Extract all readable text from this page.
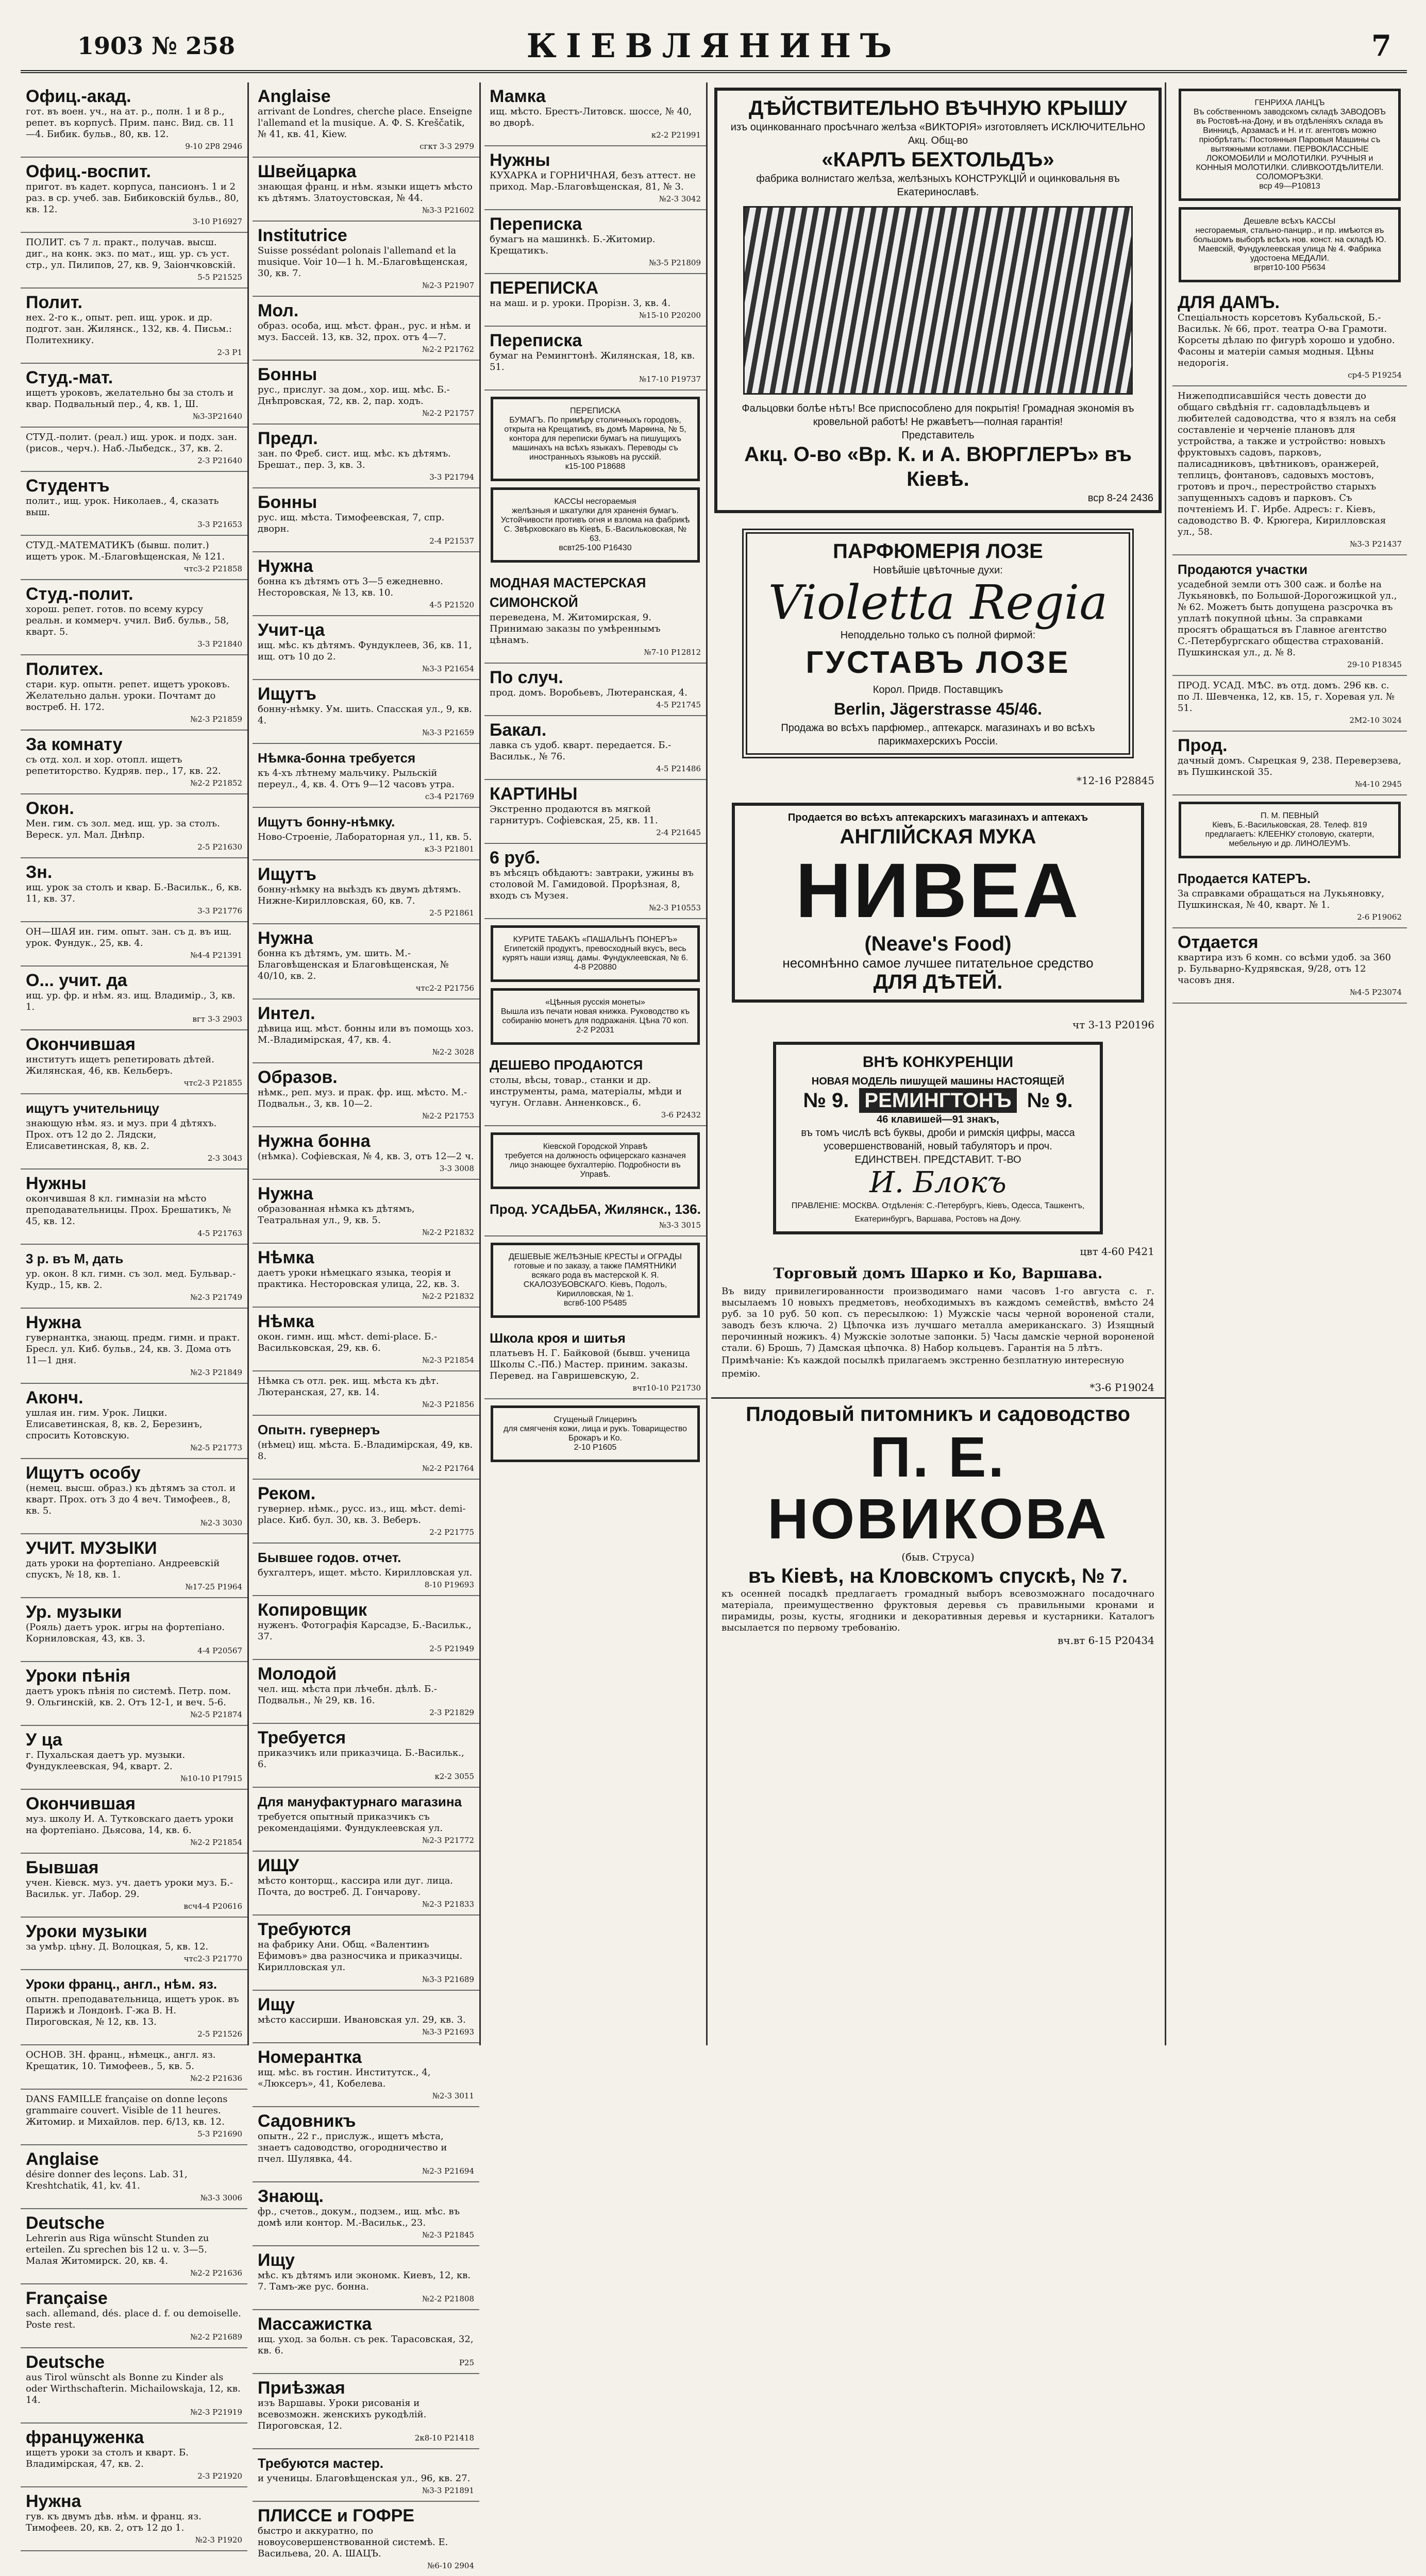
1903 № 258	КІЕВЛЯНИНЪ	7
Офиц.-акад.
гот. въ воен. уч., на ат. р., полн. 1 и 8 р., репет. въ корпусѣ. Прим. панс. Вид. св. 11—4. Бибик. бульв., 80, кв. 12.
9-10 2Р8 2946
Офиц.-воспит.
пригот. въ кадет. корпуса, пансионъ. 1 и 2 раз. в ср. учеб. зав. Бибиковскій бульв., 80, кв. 12.
3-10 Р16927
ПОЛИТ. съ 7 л. практ., получав. высш. диг., на конк. экз. по мат., ищ. ур. съ уст. стр., ул. Пилипов, 27, кв. 9, Заіончковскій.
5-5 Р21525
Полит.
нех. 2-го к., опыт. реп. ищ. урок. и др. подгот. зан. Жилянск., 132, кв. 4. Письм.: Политехнику.
2-3 Р1
Студ.-мат.
ищетъ уроковъ, желательно бы за столъ и квар. Подвальный пер., 4, кв. 1, Ш.
№3-3Р21640
СТУД.-полит. (реал.) ищ. урок. и подх. зан. (рисов., черч.). Наб.-Лыбедск., 37, кв. 2.
2-3 Р21640
Студентъ
полит., ищ. урок. Николаев., 4, сказать выш.
3-3 Р21653
СТУД.-МАТЕМАТИКЪ (бывш. полит.) ищетъ урок. М.-Благовѣщенская, № 121.
чтс3-2 Р21858
Студ.-полит.
хорош. репет. готов. по всему курсу реальн. и коммерч. учил. Виб. бульв., 58, кварт. 5.
3-3 Р21840
Политех.
стари. кур. опытн. репет. ищетъ уроковъ. Желательно дальн. уроки. Почтамт до востреб. Н. 172.
№2-3 Р21859
За комнату
съ отд. хол. и хор. отопл. ищетъ репетиторство. Кудряв. пер., 17, кв. 22.
№2-2 Р21852
Окон.
Мен. гим. съ зол. мед. ищ. ур. за столъ. Вереск. ул. Мал. Днѣпр.
2-5 Р21630
Зн.
ищ. урок за столъ и квар. Б.-Васильк., 6, кв. 11, кв. 37.
3-3 Р21776
ОН—ШАЯ ин. гим. опыт. зан. съ д. въ ищ. урок. Фундук., 25, кв. 4.
№4-4 Р21391
О... учит. да
ищ. ур. фр. и нѣм. яз. ищ. Владимір., 3, кв. 1.
вгт 3-3 2903
Окончившая
институтъ ищетъ репетировать дѣтей. Жилянская, 46, кв. Кельберъ.
чтс2-3 Р21855
ищутъ учительницу
знающую нѣм. яз. и муз. при 4 дѣтяхъ. Прох. отъ 12 до 2. Лядски, Елисаветинская, 8, кв. 2.
2-3 3043
Нужны
окончившая 8 кл. гимназіи на мѣсто преподавательницы. Прох. Брешатикъ, № 45, кв. 12.
4-5 Р21763
3 р. въ М, дать
ур. окон. 8 кл. гимн. съ зол. мед. Бульвар.-Кудр., 15, кв. 2.
№2-3 Р21749
Нужна
гувернантка, знающ. предм. гимн. и практ. Бресл. ул. Киб. бульв., 24, кв. 3. Дома отъ 11—1 дня.
№2-3 Р21849
Аконч.
ушлая ин. гим. Урок. Лицки. Елисаветинская, 8, кв. 2, Березинъ, спросить Котовскую.
№2-5 Р21773
Ищутъ особу
(немец. высш. образ.) къ дѣтямъ за стол. и кварт. Прох. отъ 3 до 4 веч. Тимофеев., 8, кв. 5.
№2-3 3030
УЧИТ. МУЗЫКИ
дать уроки на фортепіано. Андреевскій спускъ, № 18, кв. 1.
№17-25 Р1964
Ур. музыки
(Рояль) даетъ урок. игры на фортепіано. Корниловская, 43, кв. 3.
4-4 Р20567
Уроки пѣнія
даетъ урокъ пѣнія по системѣ. Петр. пом. 9. Ольгинскій, кв. 2. Отъ 12-1, и веч. 5-6.
№2-5 Р21874
У ца
г. Пухальская даетъ ур. музыки. Фундуклеевская, 94, кварт. 2.
№10-10 Р17915
Окончившая
муз. школу И. А. Тутковскаго даетъ уроки на фортепіано. Дьясова, 14, кв. 6.
№2-2 Р21854
Бывшая
учен. Кіевск. муз. уч. даетъ уроки муз. Б.-Васильк. уг. Лабор. 29.
всч4-4 Р20616
Уроки музыки
за умѣр. цѣну. Д. Волоцкая, 5, кв. 12.
чтс2-3 Р21770
Уроки франц., англ., нѣм. яз.
опытн. преподавательница, ищетъ урок. въ Парижѣ и Лондонѣ. Г-жа В. Н. Пироговская, № 12, кв. 13.
2-5 Р21526
ОСНОВ. ЗН. франц., нѣмецк., англ. яз. Крещатик, 10. Тимофеев., 5, кв. 5.
№2-2 Р21636
DANS FAMILLE française on donne leçons grammaire couvert. Visible de 11 heures. Житомир. и Михайлов. пер. 6/13, кв. 12.
5-3 Р21690
Anglaise
désire donner des leçons. Lab. 31, Kreshtchatik, 41, kv. 41.
№3-3 3006
Deutsche
Lehrerin aus Riga wünscht Stunden zu erteilen. Zu sprechen bis 12 u. v. 3—5. Малая Житомирск. 20, кв. 4.
№2-2 Р21636
Française
sach. allemand, dés. place d. f. ou demoiselle. Poste rest.
№2-2 Р21689
Deutsche
aus Tirol wünscht als Bonne zu Kinder als oder Wirthschafterin. Michailowskaja, 12, кв. 14.
№2-3 Р21919
француженка
ищетъ уроки за столъ и кварт. Б. Владимірская, 47, кв. 2.
2-3 Р21920
Нужна
гув. къ двумъ дѣв. нѣм. и франц. яз. Тимофеев. 20, кв. 2, отъ 12 до 1.
№2-3 Р1920
Anglaise
arrivant de Londres, cherche place. Enseigne l'allemand et la musique. А. Ф. S. Kreščatik, № 41, кв. 41, Kiew.
сгкт 3-3 2979
Швейцарка
знающая франц. и нѣм. языки ищетъ мѣсто къ дѣтямъ. Златоустовская, № 44.
№3-3 Р21602
Institutrice
Suisse possédant polonais l'allemand et la musique. Voir 10—1 h. М.-Благовѣщенская, 30, кв. 7.
№2-3 Р21907
Мол.
образ. особа, ищ. мѣст. фран., рус. и нѣм. и муз. Бассей. 13, кв. 32, прох. отъ 4—7.
№2-2 Р21762
Бонны
рус., прислуг. за дом., хор. ищ. мѣс. Б.-Днѣпровская, 72, кв. 2, пар. ходъ.
№2-2 Р21757
Предл.
зан. по Фреб. сист. ищ. мѣс. къ дѣтямъ. Брешат., пер. 3, кв. 3.
3-3 Р21794
Бонны
рус. ищ. мѣста. Тимофеевская, 7, спр. дворн.
2-4 Р21537
Нужна
бонна къ дѣтямъ отъ 3—5 ежедневно. Несторовская, № 13, кв. 10.
4-5 Р21520
Учит-ца
ищ. мѣс. къ дѣтямъ. Фундуклеев, 36, кв. 11, ищ. отъ 10 до 2.
№3-3 Р21654
Ищутъ
бонну-нѣмку. Ум. шить. Спасская ул., 9, кв. 4.
№3-3 Р21659
Нѣмка-бонна требуется
къ 4-хъ лѣтнему мальчику. Рыльскій переул., 4, кв. 4. Отъ 9—12 часовъ утра.
с3-4 Р21769
Ищутъ бонну-нѣмку.
Ново-Строеніе, Лабораторная ул., 11, кв. 5.
к3-3 Р21801
Ищутъ
бонну-нѣмку на выѣздъ къ двумъ дѣтямъ. Нижне-Кирилловская, 60, кв. 7.
2-5 Р21861
Нужна
бонна къ дѣтямъ, ум. шить. М.-Благовѣщенская и Благовѣщенская, № 40/10, кв. 2.
чтс2-2 Р21756
Интел.
дѣвица ищ. мѣст. бонны или въ помощь хоз. М.-Владимірская, 47, кв. 4.
№2-2 3028
Образов.
нѣмк., реп. муз. и прак. фр. ищ. мѣсто. М.-Подвальн., 3, кв. 10—2.
№2-2 Р21753
Нужна бонна
(нѣмка). Софіевская, № 4, кв. 3, отъ 12—2 ч.
3-3 3008
Нужна
образованная нѣмка къ дѣтямъ, Театральная ул., 9, кв. 5.
№2-2 Р21832
Нѣмка
даетъ уроки нѣмецкаго языка, теорія и практика. Несторовская улица, 22, кв. 3.
№2-2 Р21832
Нѣмка
окон. гимн. ищ. мѣст. demi-place. Б.-Васильковская, 29, кв. 6.
№2-3 Р21854
Нѣмка съ отл. рек. ищ. мѣста къ дѣт. Лютеранская, 27, кв. 14.
№2-3 Р21856
Опытн. гувернеръ
(нѣмец) ищ. мѣста. Б.-Владимірская, 49, кв. 8.
№2-2 Р21764
Реком.
гувернер. нѣмк., русс. из., ищ. мѣст. demi-place. Киб. бул. 30, кв. 3. Веберъ.
2-2 Р21775
Бывшее годов. отчет.
бухгалтеръ, ищет. мѣсто. Кирилловская ул.
8-10 Р19693
Копировщик
нуженъ. Фотографія Карсадзе, Б.-Васильк., 37.
2-5 Р21949
Молодой
чел. ищ. мѣста при лѣчебн. дѣлѣ. Б.-Подвальн., № 29, кв. 16.
2-3 Р21829
Требуется
приказчикъ или приказчица. Б.-Васильк., 6.
к2-2 3055
Для мануфактурнаго магазина
требуется опытный приказчикъ съ рекомендаціями. Фундуклеевская ул.
№2-3 Р21772
ИЩУ
мѣсто конторщ., кассира или дуг. лица. Почта, до востреб. Д. Гончарову.
№2-3 Р21833
Требуются
на фабрику Ани. Общ. «Валентинъ Ефимовъ» два разносчика и приказчицы. Кирилловская ул.
№3-3 Р21689
Ищу
мѣсто кассирши. Ивановская ул. 29, кв. 3.
№3-3 Р21693
Номерантка
ищ. мѣс. въ гостин. Институтск., 4, «Люксеръ», 41, Кобелева.
№2-3 3011
Садовникъ
опытн., 22 г., прислуж., ищетъ мѣста, знаетъ садоводство, огородничество и пчел. Шулявка, 44.
№2-3 Р21694
Знающ.
фр., счетов., докум., подзем., ищ. мѣс. въ домѣ или контор. М.-Васильк., 23.
№2-3 Р21845
Ищу
мѣс. къ дѣтямъ или экономк. Киевъ, 12, кв. 7. Тамъ-же рус. бонна.
№2-2 Р21808
Массажистка
ищ. уход. за больн. съ рек. Тарасовская, 32, кв. 6.
Р25
Приѣзжая
изъ Варшавы. Уроки рисованія и всевозможн. женскихъ рукодѣлій. Пироговская, 12.
2к8-10 Р21418
Требуются мастер.
и ученицы. Благовѣщенская ул., 96, кв. 27.
№3-3 Р21891
ПЛИССЕ и ГОФРЕ
быстро и аккуратно, по новоусовершенствованной системѣ. Е. Васильева, 20. А. ШАЦЪ.
№6-10 2904
Мамка
ищ. мѣсто. Брестъ-Литовск. шоссе, № 40, во дворѣ.
к2-2 Р21991
Нужны
КУХАРКА и ГОРНИЧНАЯ, безъ аттест. не приход. Мар.-Благовѣщенская, 81, № 3.
№2-3 3042
Переписка
бумагъ на машинкѣ. Б.-Житомир. Крещатикъ.
№3-5 Р21809
ПЕРЕПИСКА
на маш. и р. уроки. Прорізн. 3, кв. 4.
№15-10 Р20200
Переписка
бумаг на Ремингтонѣ. Жилянская, 18, кв. 51.
№17-10 Р19737
ПЕРЕПИСКА
БУМАГЪ. По примѣру столичныхъ городовъ, открыта на Крещатикѣ, въ домѣ Марѳина, № 5, контора для переписки бумагъ на пишущихъ машинахъ на всѣхъ языкахъ. Переводы съ иностранныхъ языковъ на русскій.
к15-100 Р18688
КАССЫ несгораемыя
желѣзныя и шкатулки для храненія бумагъ. Устойчивости противъ огня и взлома на фабрикѣ С. Звѣрховскаго въ Кіевѣ, Б.-Васильковская, № 63.
всвт25-100 Р16430
МОДНАЯ МАСТЕРСКАЯ СИМОНСКОЙ
переведена, М. Житомирская, 9. Принимаю заказы по умѣреннымъ цѣнамъ.
№7-10 Р12812
По случ.
прод. домъ. Воробьевъ, Лютеранская, 4.
4-5 Р21745
Бакал.
лавка съ удоб. кварт. передается. Б.-Васильк., № 76.
4-5 Р21486
КАРТИНЫ
Экстренно продаются въ мягкой гарнитуръ. Софіевская, 25, кв. 11.
2-4 Р21645
6 руб.
въ мѣсяцъ обѣдаютъ: завтраки, ужины въ столовой М. Гамидовой. Прорѣзная, 8, входъ съ Музея.
№2-3 Р10553
КУРИТЕ ТАБАКЪ «ПАШАЛЬНЪ ПОНЕРЪ»
Египетскій продуктъ, превосходный вкусъ, весь курятъ наши изящ. дамы. Фундуклеевская, № 6.
4-8 Р20880
«Цѣнныя русскія монеты»
Вышла изъ печати новая книжка. Руководство къ собиранію монетъ для подражанія. Цѣна 70 коп.
2-2 Р2031
ДЕШЕВО ПРОДАЮТСЯ
столы, вѣсы, товар., станки и др. инструменты, рама, матеріалы, мѣди и чугун. Оглавн. Анненковск., 6.
3-6 Р2432
Кіевской Городской Управѣ
требуется на должность офицерскаго казначея лицо знающее бухгалтерію. Подробности въ Управѣ.
Прод. УСАДЬБА, Жилянск., 136.
№3-3 3015
ДЕШЕВЫЕ ЖЕЛѢЗНЫЕ КРЕСТЫ и ОГРАДЫ
готовые и по заказу, а также ПАМЯТНИКИ всякаго рода въ мастерской К. Я. СКАЛОЗУБОВСКАГО. Кіевъ, Подолъ, Кирилловская, № 1.
всгвб-100 Р5485
Школа кроя и шитья
платьевъ Н. Г. Байковой (бывш. ученица Школы С.-Пб.) Мастер. приним. заказы. Перевед. на Гавришевскую, 2.
вчт10-10 Р21730
Сгущеный Глицеринъ
для смягченія кожи, лица и рукъ. Товарищество Брокаръ и Ко.
2-10 Р1605
ДѢЙСТВИТЕЛЬНО ВѢЧНУЮ КРЫШУ
изъ оцинкованнаго просѣчнаго желѣза «ВИКТОРІЯ» изготовляетъ ИСКЛЮЧИТЕЛЬНО Акц. Общ-во
«КАРЛЪ БЕХТОЛЬДЪ»
фабрика волнистаго желѣза, желѣзныхъ КОНСТРУКЦІЙ и оцинковальня въ Екатеринославѣ.
Фальцовки болѣе нѣтъ! Все приспособлено для покрытія! Громадная экономія въ кровельной работѣ! Не ржавѣетъ—полная гарантія!
Представитель
Акц. О-во «Вр. К. и А. ВЮРГЛЕРЪ» въ Кіевѣ.
вср 8-24 2436
ПАРФЮМЕРІЯ ЛОЗЕ
Новѣйшіе цвѣточные духи:
Violetta Regia
Неподдельно только съ полной фирмой:
ГУСТАВЪ ЛОЗЕ
Корол. Придв. Поставщикъ
Berlin, Jägerstrasse 45/46.
Продажа во всѣхъ парфюмер., аптекарск. магазинахъ и во всѣхъ парикмахерскихъ Россіи.
*12-16 Р28845
Продается во всѣхъ аптекарскихъ магазинахъ и аптекахъ
АНГЛІЙСКАЯ МУКА
НИВЕА
(Neave's Food)
несомнѣнно самое лучшее питательное средство
ДЛЯ ДѢТЕЙ.
чт 3-13 Р20196
ВНѢ КОНКУРЕНЦІИ
НОВАЯ МОДЕЛЬ пишущей машины НАСТОЯЩЕЙ
№ 9. РЕМИНГТОНЪ № 9.
46 клавишей—91 знакъ,
въ томъ числѣ всѣ буквы, дроби и римскія цифры, масса усовершенствованій, новый табуляторъ и проч.
ЕДИНСТВЕН. ПРЕДСТАВИТ. Т-ВО
И. Блокъ
ПРАВЛЕНІЕ: МОСКВА. Отдѣленія: С.-Петербургъ, Кіевъ, Одесса, Ташкентъ, Екатеринбургъ, Варшава, Ростовъ на Дону.
цвт 4-60 Р421
Торговый домъ Шарко и Ко, Варшава.
Въ виду привилегированности производимаго нами часовъ 1-го августа с. г. высылаемъ 10 новыхъ предметовъ, необходимыхъ въ каждомъ семействѣ, вмѣсто 24 руб. за 10 руб. 50 коп. съ пересылкою: 1) Мужскіе часы черной вороненой стали, заводъ безъ ключа. 2) Цѣпочка изъ лучшаго металла американскаго. 3) Изящный перочинный ножикъ. 4) Мужскіе золотые запонки. 5) Часы дамскіе черной вороненой стали. 6) Брошь, 7) Дамская цѣпочка. 8) Набор кольцевъ. Гарантія на 5 лѣтъ.
Примѣчаніе: Къ каждой посылкѣ прилагаемъ экстренно безплатную интересную премію.
*3-6 Р19024
Плодовый питомникъ и садоводство
П. Е. НОВИКОВА
(быв. Струса)
въ Кіевѣ, на Кловскомъ спускѣ, № 7.
къ осенней посадкѣ предлагаетъ громадный выборъ всевозможнаго посадочнаго матеріала, преимущественно фруктовыя деревья съ правильными кронами и пирамиды, розы, кусты, ягодники и декоративныя деревья и кустарники. Каталогъ высылается по первому требованію.
вч.вт 6-15 Р20434
ГЕНРИХА ЛАНЦЪ
Въ собственномъ заводскомъ складѣ ЗАВОДОВЪ въ Ростовѣ-на-Дону, и въ отдѣленіяхъ склада въ Винницѣ, Арзамасѣ и Н. и гг. агентовъ можно пріобрѣтать: Постоянныя Паровыя Машины съ вытяжными котлами. ПЕРВОКЛАССНЫЕ ЛОКОМОБИЛИ и МОЛОТИЛКИ. РУЧНЫЯ и КОННЫЯ МОЛОТИЛКИ. СЛИВКООТДѢЛИТЕЛИ. СОЛОМОРѢЗКИ.
вср 49—Р10813
Дешевле всѣхъ КАССЫ
несгораемыя, стально-панцир., и пр. имѣются въ большомъ выборѣ всѣхъ нов. конст. на складѣ Ю. Маевскій, Фундуклеевская улица № 4. Фабрика удостоена МЕДАЛИ.
вгрвт10-100 Р5634
ДЛЯ ДАМЪ.
Спеціальность корсетовъ Кубальской, Б.-Васильк. № 66, прот. театра О-ва Грамоти. Корсеты дѣлаю по фигурѣ хорошо и удобно. Фасоны и матеріи самыя модныя. Цѣны недорогія.
ср4-5 Р19254
Нижеподписавшійся честь довести до общаго свѣдѣнія гг. садовладѣльцевъ и любителей садоводства, что я взялъ на себя составленіе и черченіе плановъ для устройства, а также и устройство: новыхъ фруктовыхъ садовъ, парковъ, палисадниковъ, цвѣтниковъ, оранжерей, теплицъ, фонтановъ, садовыхъ мостовъ, гротовъ и проч., перестройство старыхъ запущенныхъ садовъ и парковъ. Съ почтеніемъ И. Г. Ирбе. Адресъ: г. Кіевъ, садоводство В. Ф. Крюгера, Кирилловская ул., 58.
№3-3 Р21437
Продаются участки
усадебной земли отъ 300 саж. и болѣе на Лукьяновкѣ, по Большой-Дорогожицкой ул., № 62. Можетъ быть допущена разсрочка въ уплатѣ покупной цѣны. За справками просятъ обращаться въ Главное агентство С.-Петербургскаго общества страхованій. Пушкинская ул., д. № 8.
29-10 Р18345
ПРОД. УСАД. МѢС. въ отд. домъ. 296 кв. с. по Л. Шевченка, 12, кв. 15, г. Хоревая ул. № 51.
2М2-10 3024
Прод.
дачный домъ. Сырецкая 9, 238. Переверзева, въ Пушкинской 35.
№4-10 2945
П. М. ПЕВНЫЙ
Кіевъ, Б.-Васильковская, 28. Телеф. 819 предлагаетъ: КЛЕЕНКУ столовую, скатерти, мебельную и др. ЛИНОЛЕУМЪ.
Продается КАТЕРЪ.
За справками обращаться на Лукьяновку, Пушкинская, № 40, кварт. № 1.
2-6 Р19062
Отдается
квартира изъ 6 комн. со всѣми удоб. за 360 р. Бульварно-Кудрявская, 9/28, отъ 12 часовъ дня.
№4-5 Р23074
